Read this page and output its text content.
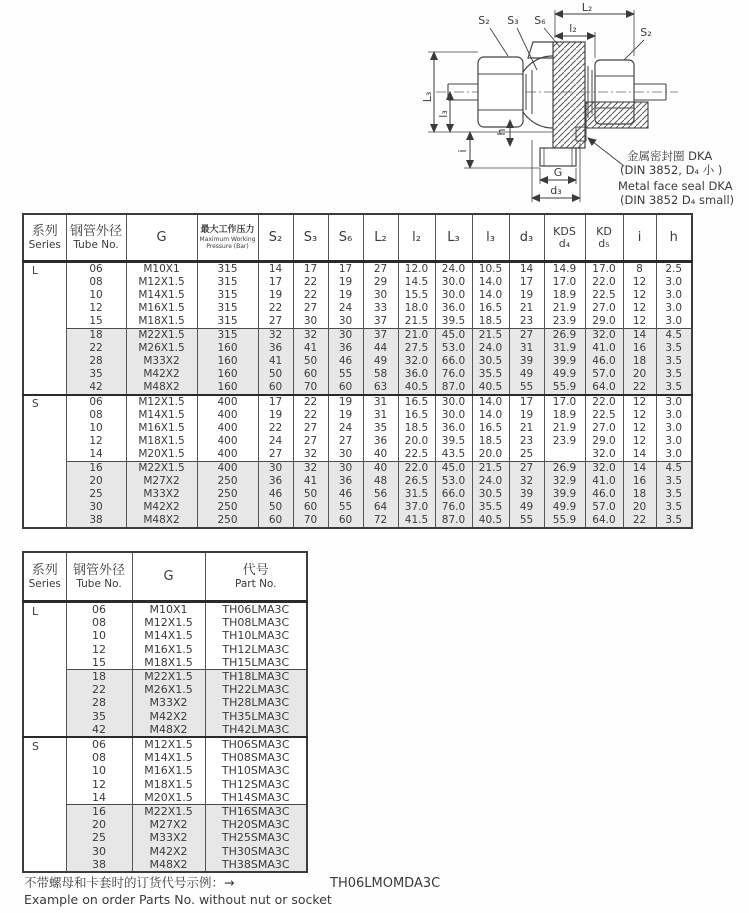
L₂
l₂	S₂
S₂ S₃ S₆
L₃
l₃
i
h
G
d₃
金属密封圈 DKA
(DIN 3852, D₄ 小 )
Metal face seal DKA
(DIN 3852 D₄ small)
系列
Series

钢管外径
Tube No.	G	最大工作压力
Maximum Working
Pressure (Bar)

S₂	S₃	S₆	L₂	l₂	L₃	l₃	d₃	KDS
d₄

KD
d₅	i	h

L	06	M10X1	315	14	17	17	27	12.0	24.0	10.5	14	14.9	17.0	8	2.5
	08	M12X1.5	315	17	22	19	29	14.5	30.0	14.0	17	17.0	22.0	12	3.0
	10	M14X1.5	315	19	22	19	30	15.5	30.0	14.0	19	18.9	22.5	12	3.0
	12	M16X1.5	315	22	27	24	33	18.0	36.0	16.5	21	21.9	27.0	12	3.0
	15	M18X1.5	315	27	30	30	37	21.5	39.5	18.5	23	23.9	29.0	12	3.0
	18	M22X1.5	315	32	32	30	37	21.0	45.0	21.5	27	26.9	32.0	14	4.5
	22	M26X1.5	160	36	41	36	44	27.5	53.0	24.0	31	31.9	41.0	16	3.5
	28	M33X2	160	41	50	46	49	32.0	66.0	30.5	39	39.9	46.0	18	3.5
	35	M42X2	160	50	60	55	58	36.0	76.0	35.5	49	49.9	57.0	20	3.5
	42	M48X2	160	60	70	60	63	40.5	87.0	40.5	55	55.9	64.0	22	3.5
S	06	M12X1.5	400	17	22	19	31	16.5	30.0	14.0	17	17.0	22.0	12	3.0
	08	M14X1.5	400	19	22	19	31	16.5	30.0	14.0	19	18.9	22.5	12	3.0
	10	M16X1.5	400	22	27	24	35	18.5	36.0	16.5	21	21.9	27.0	12	3.0
	12	M18X1.5	400	24	27	27	36	20.0	39.5	18.5	23	23.9	29.0	12	3.0
	14	M20X1.5	400	27	32	30	40	22.5	43.5	20.0	25		32.0	14	3.0
	16	M22X1.5	400	30	32	30	40	22.0	45.0	21.5	27	26.9	32.0	14	4.5
	20	M27X2	250	36	41	36	48	26.5	53.0	24.0	32	32.9	41.0	16	3.5
	25	M33X2	250	46	50	46	56	31.5	66.0	30.5	39	39.9	46.0	18	3.5
	30	M42X2	250	50	60	55	64	37.0	76.0	35.5	49	49.9	57.0	20	3.5
	38	M48X2	250	60	70	60	72	41.5	87.0	40.5	55	55.9	64.0	22	3.5
系列
Series

钢管外径
Tube No.	G	代号
Part No.

L	06	M10X1	TH06LMA3C
	08	M12X1.5	TH08LMA3C
	10	M14X1.5	TH10LMA3C
	12	M16X1.5	TH12LMA3C
	15	M18X1.5	TH15LMA3C
	18	M22X1.5	TH18LMA3C
	22	M26X1.5	TH22LMA3C
	28	M33X2	TH28LMA3C
	35	M42X2	TH35LMA3C
	42	M48X2	TH42LMA3C
S	06	M12X1.5	TH06SMA3C
	08	M14X1.5	TH08SMA3C
	10	M16X1.5	TH10SMA3C
	12	M18X1.5	TH12SMA3C
	14	M20X1.5	TH14SMA3C
	16	M22X1.5	TH16SMA3C
	20	M27X2	TH20SMA3C
	25	M33X2	TH25SMA3C
	30	M42X2	TH30SMA3C
	38	M48X2	TH38SMA3C
不带螺母和卡套时的订货代号示例：→
Example on order Parts No. without nut or socket
TH06LMOMDA3C
